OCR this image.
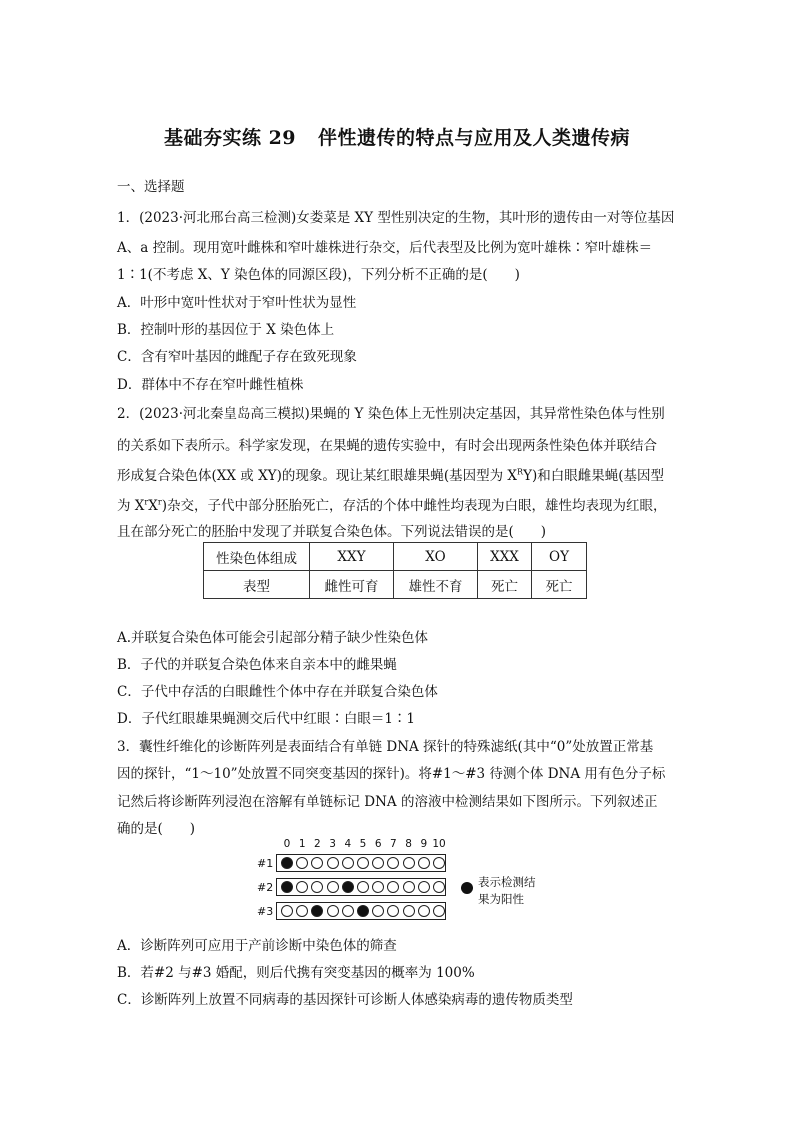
基础夯实练 29 伴性遗传的特点与应用及人类遗传病
一、选择题
1．(2023·河北邢台高三检测)女娄菜是 XY 型性别决定的生物，其叶形的遗传由一对等位基因
A、a 控制。现用宽叶雌株和窄叶雄株进行杂交，后代表型及比例为宽叶雄株∶窄叶雄株＝
1∶1(不考虑 X、Y 染色体的同源区段)，下列分析不正确的是(　　)
A．叶形中宽叶性状对于窄叶性状为显性
B．控制叶形的基因位于 X 染色体上
C．含有窄叶基因的雌配子存在致死现象
D．群体中不存在窄叶雌性植株
2．(2023·河北秦皇岛高三模拟)果蝇的 Y 染色体上无性别决定基因，其异常性染色体与性别
的关系如下表所示。科学家发现，在果蝇的遗传实验中，有时会出现两条性染色体并联结合
形成复合染色体(XX 或 XY)的现象。现让某红眼雄果蝇(基因型为 $X^RY$)和白眼雌果蝇(基因型
为 $X^rX^r$)杂交，子代中部分胚胎死亡，存活的个体中雌性均表现为白眼，雄性均表现为红眼，
且在部分死亡的胚胎中发现了并联复合染色体。下列说法错误的是(　　)
性染色体组成	XXY	XO	XXX	OY
表型	雌性可育	雄性不育	死亡	死亡
A.并联复合染色体可能会引起部分精子缺少性染色体
B．子代的并联复合染色体来自亲本中的雌果蝇
C．子代中存活的白眼雌性个体中存在并联复合染色体
D．子代红眼雄果蝇测交后代中红眼∶白眼＝1∶1
3．囊性纤维化的诊断阵列是表面结合有单链 DNA 探针的特殊滤纸(其中“0”处放置正常基
因的探针，“1～10”处放置不同突变基因的探针)。将#1～#3 待测个体 DNA 用有色分子标
记然后将诊断阵列浸泡在溶解有单链标记 DNA 的溶液中检测结果如下图所示。下列叙述正
确的是(　　)
0 1 2 3 4 5 6 7 8 9 10
#1
#2
#3
表示检测结
果为阳性
A．诊断阵列可应用于产前诊断中染色体的筛查
B．若#2 与#3 婚配，则后代携有突变基因的概率为 100%
C．诊断阵列上放置不同病毒的基因探针可诊断人体感染病毒的遗传物质类型
